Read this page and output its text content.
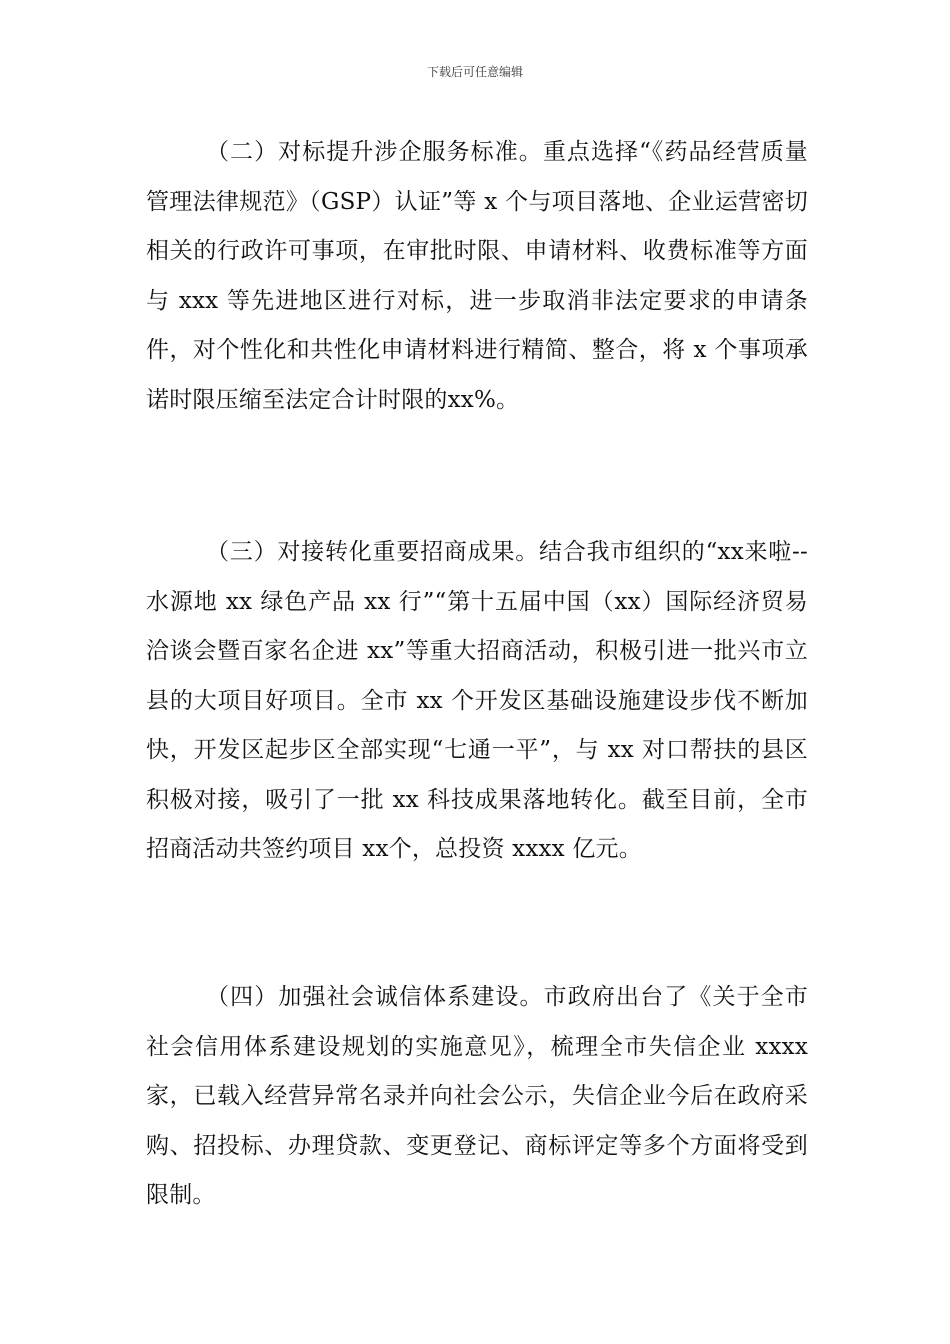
下载后可任意编辑

（二）对标提升涉企服务标准。重点选择“《药品经营质量管理法律规范》（GSP）认证”等 x 个与项目落地、企业运营密切相关的行政许可事项，在审批时限、申请材料、收费标准等方面与 xxx 等先进地区进行对标，进一步取消非法定要求的申请条件，对个性化和共性化申请材料进行精简、整合，将 x 个事项承诺时限压缩至法定合计时限的xx%。

（三）对接转化重要招商成果。结合我市组织的“xx来啦--水源地 xx 绿色产品 xx 行”“第十五届中国（xx）国际经济贸易洽谈会暨百家名企进 xx”等重大招商活动，积极引进一批兴市立县的大项目好项目。全市 xx 个开发区基础设施建设步伐不断加快，开发区起步区全部实现“七通一平”，与 xx 对口帮扶的县区积极对接，吸引了一批 xx 科技成果落地转化。截至目前，全市招商活动共签约项目 xx个，总投资 xxxx 亿元。

（四）加强社会诚信体系建设。市政府出台了《关于全市社会信用体系建设规划的实施意见》，梳理全市失信企业 xxxx 家，已载入经营异常名录并向社会公示，失信企业今后在政府采购、招投标、办理贷款、变更登记、商标评定等多个方面将受到限制。
